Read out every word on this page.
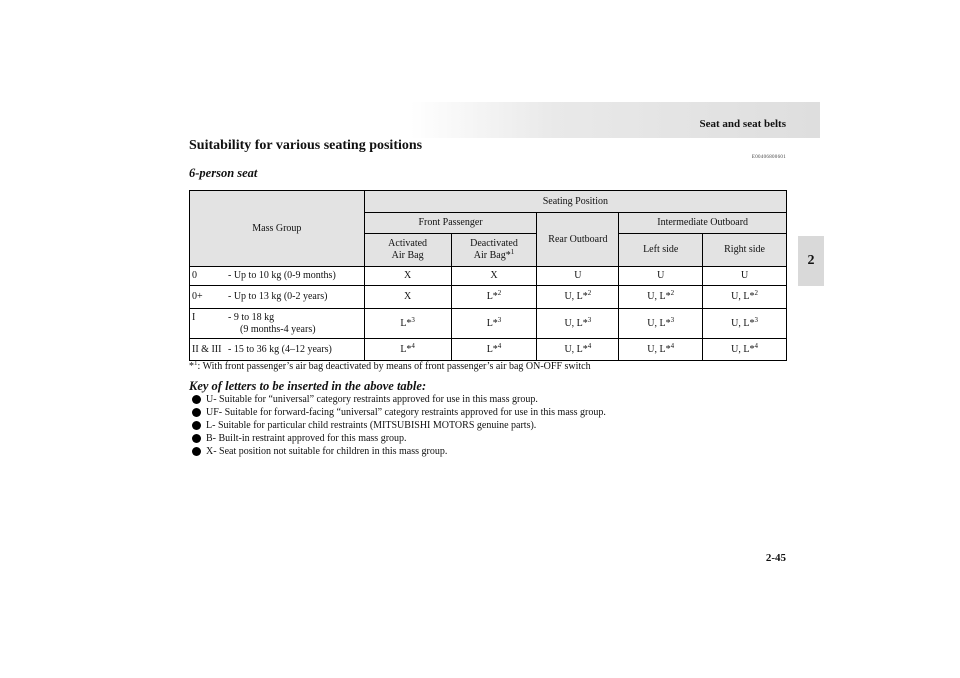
Seat and seat belts
2
Suitability for various seating positions
E00406800601
6-person seat
Mass Group	Seating Position				
	Front Passenger		Rear Outboard	Intermediate Outboard	
	Activated
Air Bag	Deactivated
Air Bag*$^1$		Left side	Right side

0 - Up to 10 kg (0-9 months)	X	X	U	U	U

0+ - Up to 13 kg (0-2 years)	X	L*$^2$	U, L*$^2$	U, L*$^2$	U, L*$^2$

I - 9 to 18 kg
(9 months-4 years)	L*$^3$	L*$^3$	U, L*$^3$	U, L*$^3$	U, L*$^3$

II & III - 15 to 36 kg (4–12 years)	L*$^4$	L*$^4$	U, L*$^4$	U, L*$^4$	U, L*$^4$
*$^1$: With front passenger’s air bag deactivated by means of front passenger’s air bag ON-OFF switch
Key of letters to be inserted in the above table:
U- Suitable for “universal” category restraints approved for use in this mass group.
UF- Suitable for forward-facing “universal” category restraints approved for use in this mass group.
L- Suitable for particular child restraints (MITSUBISHI MOTORS genuine parts).
B- Built-in restraint approved for this mass group.
X- Seat position not suitable for children in this mass group.
2-45
